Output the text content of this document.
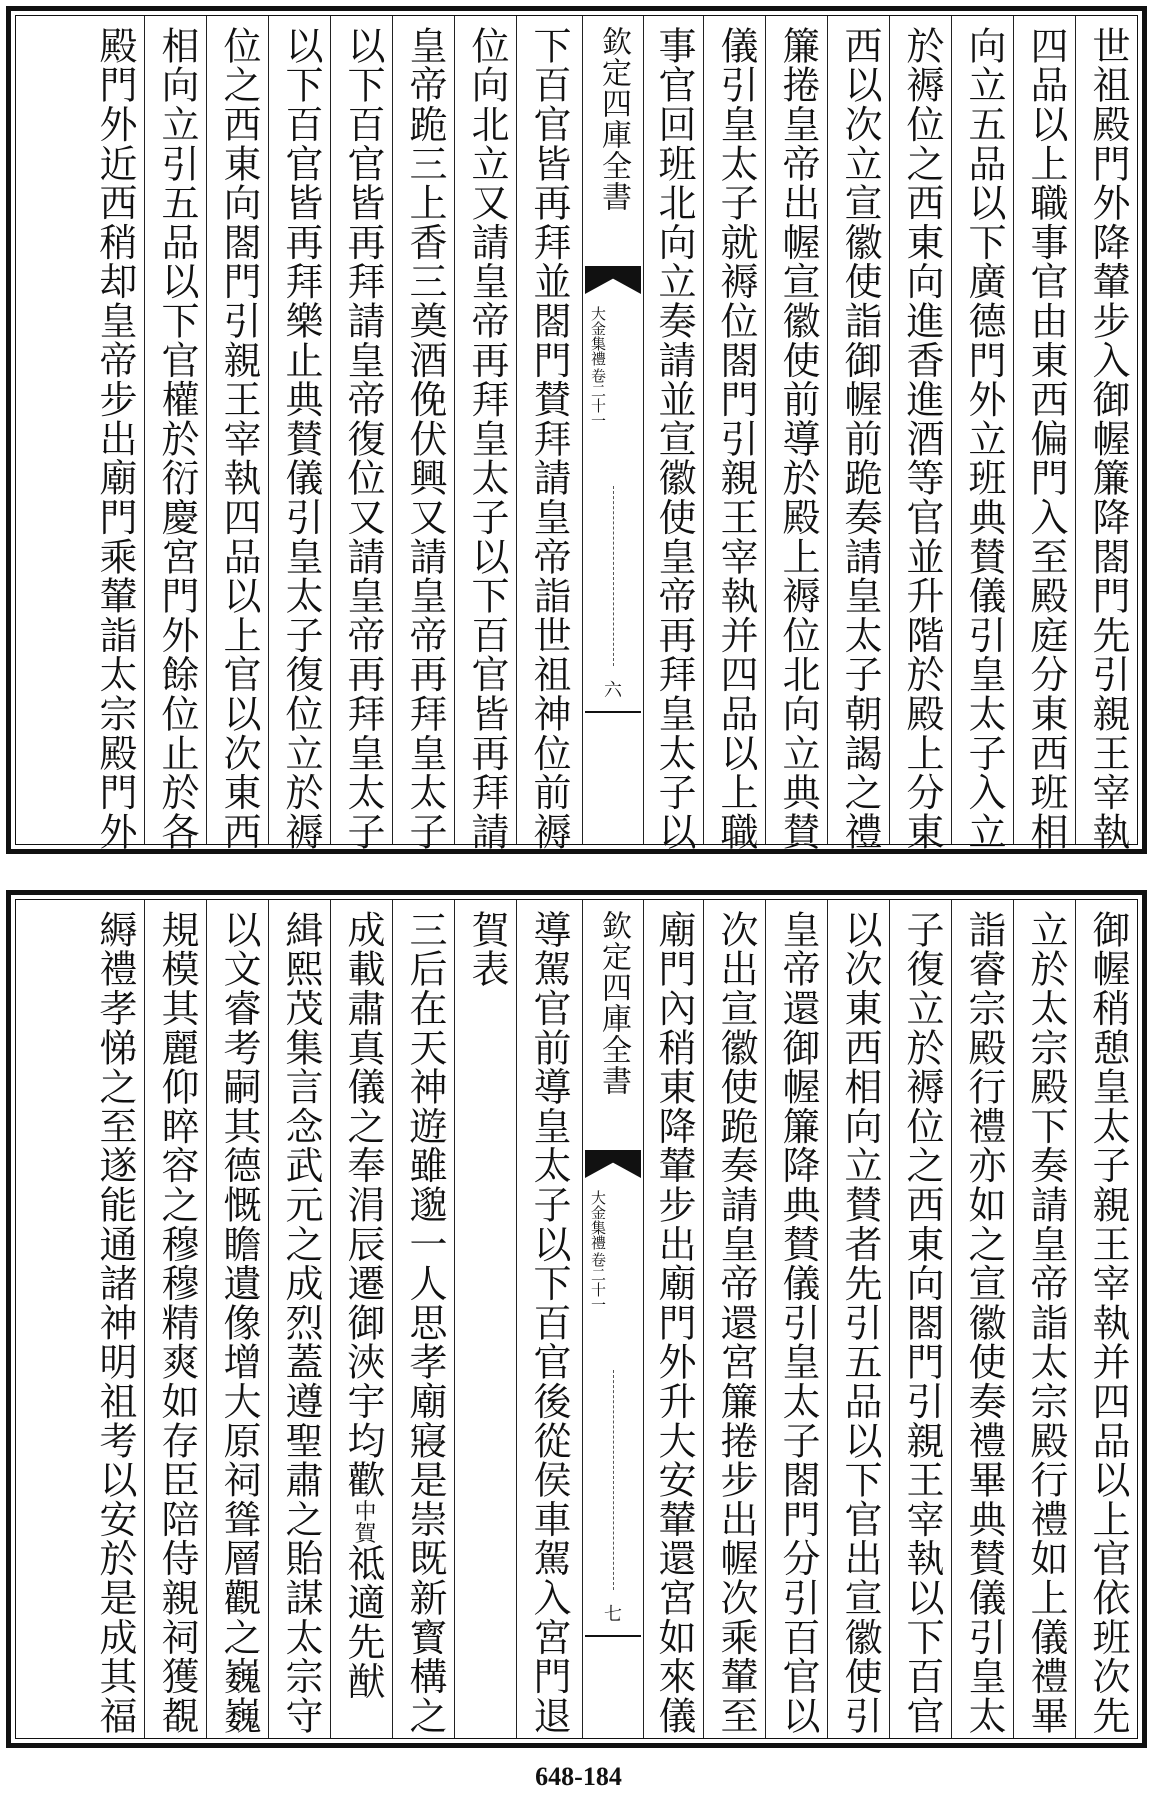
世祖殿門外降輦步入御幄簾降閤門先引親王宰執
四品以上職事官由東西偏門入至殿庭分東西班相
向立五品以下廣德門外立班典賛儀引皇太子入立
於褥位之西東向進香進酒等官並升階於殿上分東
西以次立宣徽使詣御幄前跪奏請皇太子朝謁之禮
簾捲皇帝出幄宣徽使前導於殿上褥位北向立典賛
儀引皇太子就褥位閤門引親王宰執并四品以上職
事官回班北向立奏請並宣徽使皇帝再拜皇太子以
欽定四庫全書
大金集禮
卷二十一
六
下百官皆再拜並閤門賛拜請皇帝詣世祖神位前褥
位向北立又請皇帝再拜皇太子以下百官皆再拜請
皇帝跪三上香三奠酒俛伏興又請皇帝再拜皇太子
以下百官皆再拜請皇帝復位又請皇帝再拜皇太子
以下百官皆再拜樂止典賛儀引皇太子復位立於褥
位之西東向閤門引親王宰執四品以上官以次東西
相向立引五品以下官權於衍慶宮門外餘位止於各
殿門外近西稍却皇帝步出廟門乘輦詣太宗殿門外
御幄稍憩皇太子親王宰執并四品以上官依班次先
立於太宗殿下奏請皇帝詣太宗殿行禮如上儀禮畢
詣睿宗殿行禮亦如之宣徽使奏禮畢典賛儀引皇太
子復立於褥位之西東向閤門引親王宰執以下百官
以次東西相向立賛者先引五品以下官出宣徽使引
皇帝還御幄簾降典賛儀引皇太子閤門分引百官以
次出宣徽使跪奏請皇帝還宮簾捲步出幄次乘輦至
廟門內稍東降輦步出廟門外升大安輦還宮如來儀
欽定四庫全書
大金集禮
卷二十一
七
導駕官前導皇太子以下百官後從侯車駕入宮門退
賀表
三后在天神遊雖邈一人思孝廟寢是崇既新寳構之
成載肅真儀之奉涓辰遷御浹宇均歡中賀祗適先猷
緝熙茂集言念武元之成烈蓋遵聖肅之貽謀太宗守
以文睿考嗣其德慨瞻遺像增大原祠聳層觀之巍巍
規模其麗仰睟容之穆穆精爽如存臣陪侍親祠獲覩
縟禮孝悌之至遂能通諸神明祖考以安於是成其福
648-184
